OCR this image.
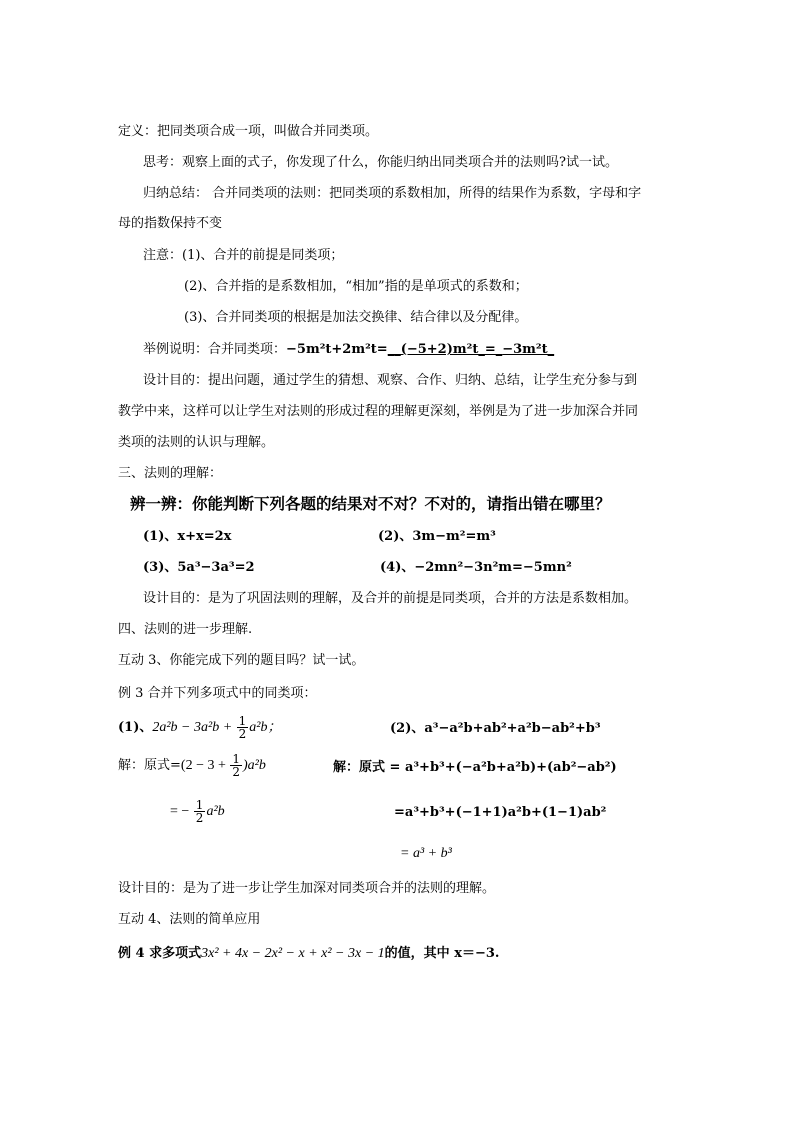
定义：把同类项合成一项，叫做合并同类项。
思考：观察上面的式子，你发现了什么，你能归纳出同类项合并的法则吗?试一试。
归纳总结： 合并同类项的法则：把同类项的系数相加，所得的结果作为系数，字母和字
母的指数保持不变
注意：(1)、合并的前提是同类项；
(2)、合并指的是系数相加，“相加”指的是单项式的系数和；
(3)、合并同类项的根据是加法交换律、结合律以及分配律。
举例说明：合并同类项：−5m²t+2m²t=__(−5+2)m²t_=_−3m²t_
设计目的：提出问题，通过学生的猜想、观察、合作、归纳、总结，让学生充分参与到
教学中来，这样可以让学生对法则的形成过程的理解更深刻，举例是为了进一步加深合并同
类项的法则的认识与理解。
三、法则的理解：
辨一辨：你能判断下列各题的结果对不对？不对的，请指出错在哪里？
(1)、x+x=2x	(2)、3m−m²=m³
(3)、5a³−3a³=2	(4)、−2mn²−3n²m=−5mn²
设计目的：是为了巩固法则的理解，及合并的前提是同类项，合并的方法是系数相加。
四、法则的进一步理解.
互动 3、你能完成下列的题目吗？试一试。
例 3 合并下列多项式中的同类项：
(1)、$2a^2b - 3a^2b + \frac{1}{2} a^2b$；	(2)、a³−a²b+ab²+a²b−ab²+b³
解：原式$=(2 - 3 + \frac{1}{2} )a^2b$	解：原式 = a³+b³+(−a²b+a²b)+(ab²−ab²)
= − $\frac{1}{2} a^2b$	=a³+b³+(−1+1)a²b+(1−1)ab²
= a³ + b³
设计目的：是为了进一步让学生加深对同类项合并的法则的理解。
互动 4、法则的简单应用
例 4 求多项式3x² + 4x − 2x² − x + x² − 3x − 1的值，其中 x＝−3.
